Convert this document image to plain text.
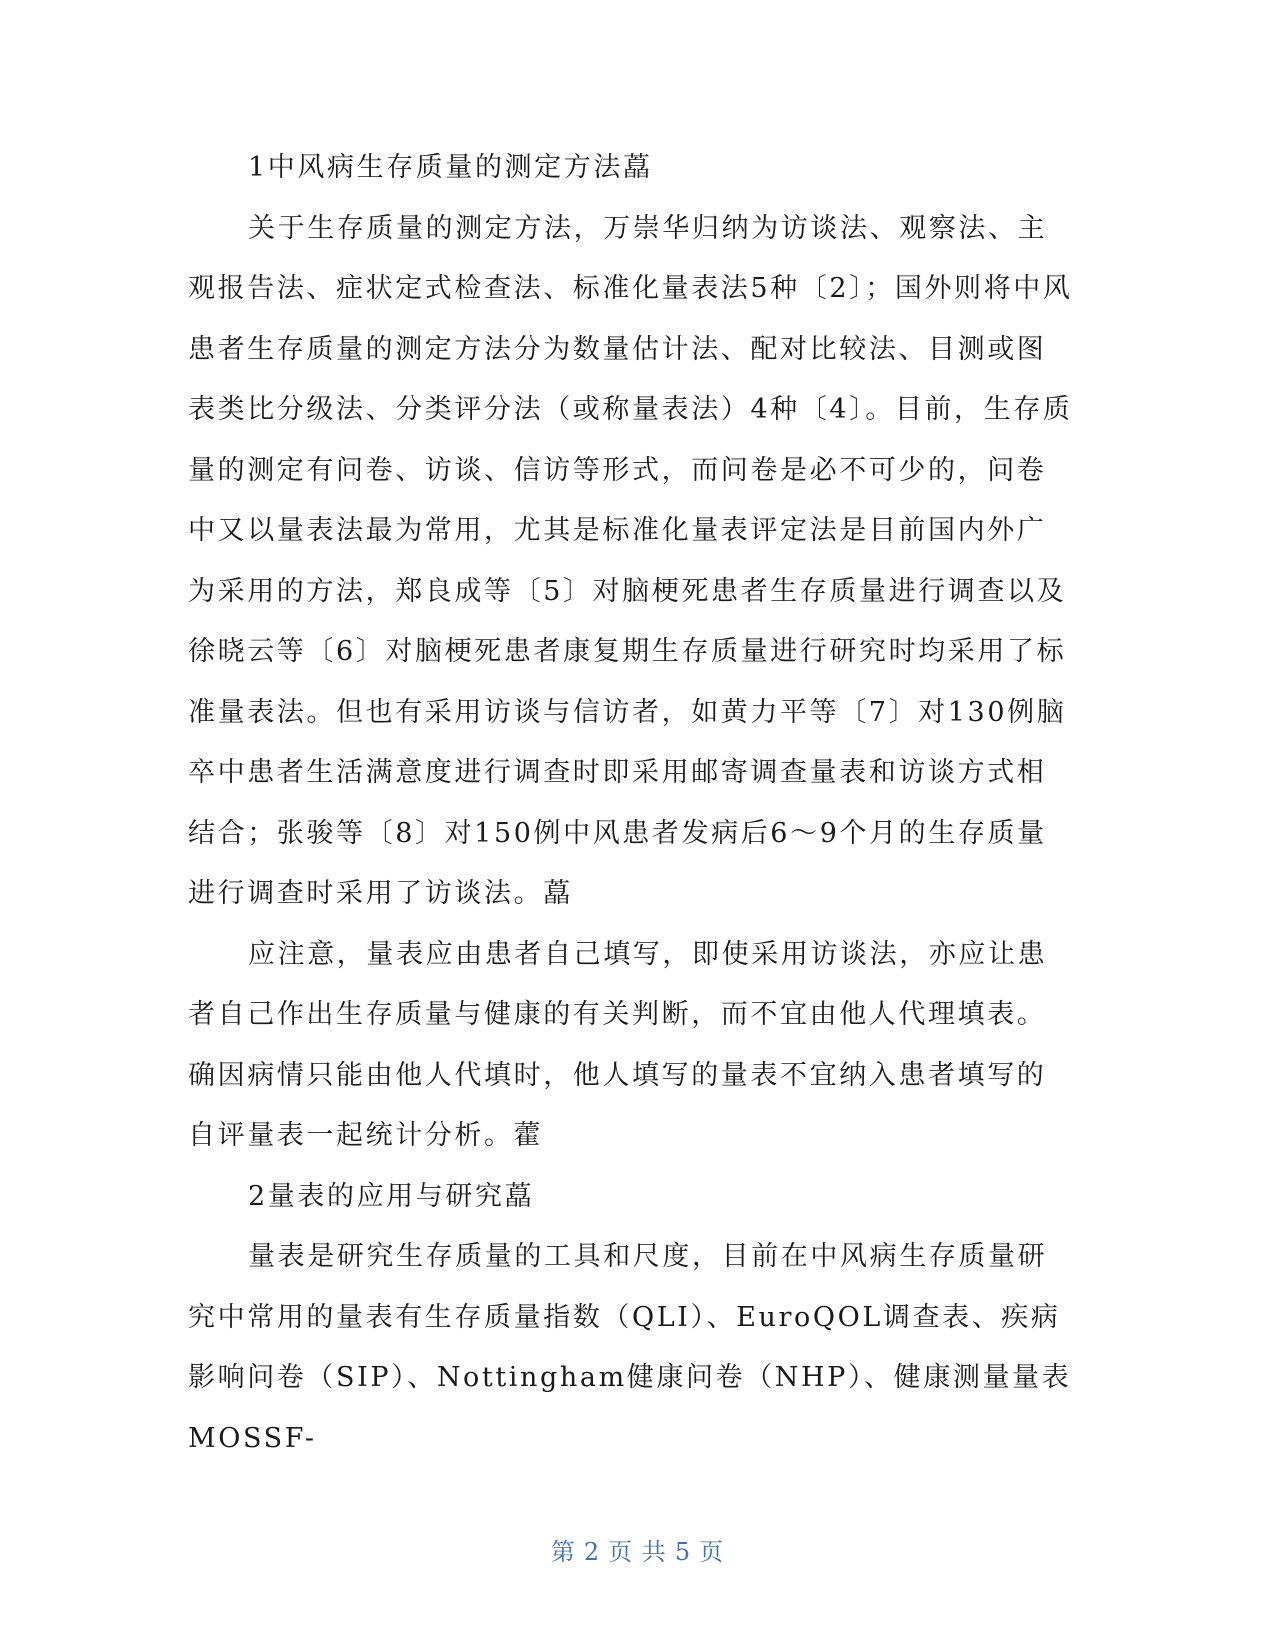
1中风病生存质量的测定方法藠

关于生存质量的测定方法，万崇华归纳为访谈法、观察法、主观报告法、症状定式检查法、标准化量表法5种〔2〕；国外则将中风患者生存质量的测定方法分为数量估计法、配对比较法、目测或图表类比分级法、分类评分法（或称量表法）4种〔4〕。目前，生存质量的测定有问卷、访谈、信访等形式，而问卷是必不可少的，问卷中又以量表法最为常用，尤其是标准化量表评定法是目前国内外广为采用的方法，郑良成等〔5〕对脑梗死患者生存质量进行调查以及徐晓云等〔6〕对脑梗死患者康复期生存质量进行研究时均采用了标准量表法。但也有采用访谈与信访者，如黄力平等〔7〕对130例脑卒中患者生活满意度进行调查时即采用邮寄调查量表和访谈方式相结合；张骏等〔8〕对150例中风患者发病后6～9个月的生存质量进行调查时采用了访谈法。藠

应注意，量表应由患者自己填写，即使采用访谈法，亦应让患者自己作出生存质量与健康的有关判断，而不宜由他人代理填表。确因病情只能由他人代填时，他人填写的量表不宜纳入患者填写的自评量表一起统计分析。藿

2量表的应用与研究藠

量表是研究生存质量的工具和尺度，目前在中风病生存质量研究中常用的量表有生存质量指数（QLI）、EuroQOL调查表、疾病影响问卷（SIP）、Nottingham健康问卷（NHP）、健康测量量表MOSSF-

第 2 页 共 5 页
